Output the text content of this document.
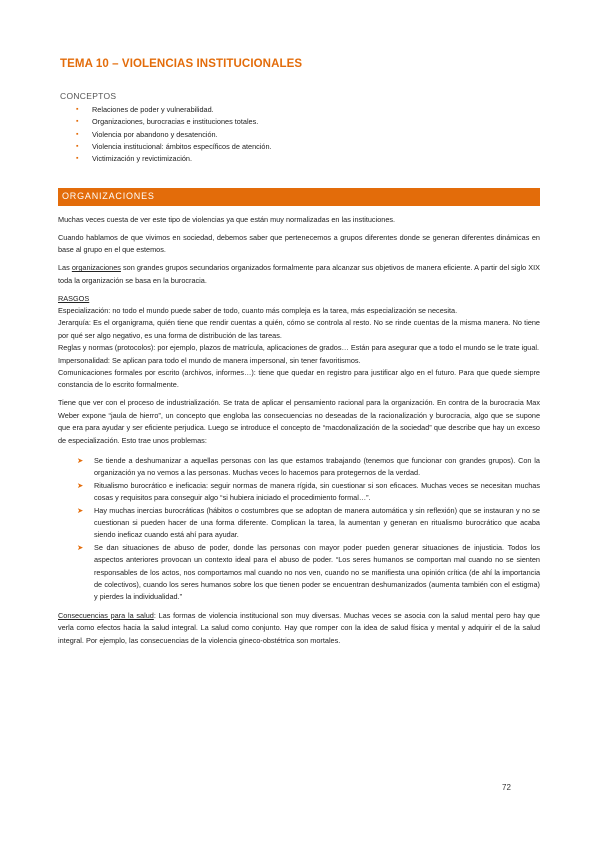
TEMA 10 – VIOLENCIAS INSTITUCIONALES
CONCEPTOS
▪ Relaciones de poder y vulnerabilidad.
▪ Organizaciones, burocracias e instituciones totales.
▪ Violencia por abandono y desatención.
▪ Violencia institucional: ámbitos específicos de atención.
▪ Victimización y revictimización.
ORGANIZACIONES

Muchas veces cuesta de ver este tipo de violencias ya que están muy normalizadas en las instituciones.

Cuando hablamos de que vivimos en sociedad, debemos saber que pertenecemos a grupos diferentes donde se generan diferentes dinámicas en base al grupo en el que estemos.

Las organizaciones son grandes grupos secundarios organizados formalmente para alcanzar sus objetivos de manera eficiente. A partir del siglo XIX toda la organización se basa en la burocracia.

RASGOS

Especialización: no todo el mundo puede saber de todo, cuanto más compleja es la tarea, más especialización se necesita.

Jerarquía: Es el organigrama, quién tiene que rendir cuentas a quién, cómo se controla al resto. No se rinde cuentas de la misma manera. No tiene por qué ser algo negativo, es una forma de distribución de las tareas.

Reglas y normas (protocolos): por ejemplo, plazos de matrícula, aplicaciones de grados… Están para asegurar que a todo el mundo se le trate igual.

Impersonalidad: Se aplican para todo el mundo de manera impersonal, sin tener favoritismos.

Comunicaciones formales por escrito (archivos, informes…): tiene que quedar en registro para justificar algo en el futuro. Para que quede siempre constancia de lo escrito formalmente.

Tiene que ver con el proceso de industrialización. Se trata de aplicar el pensamiento racional para la organización. En contra de la burocracia Max Weber expone “jaula de hierro”, un concepto que engloba las consecuencias no deseadas de la racionalización y burocracia, algo que se supone que era para ayudar y ser eficiente perjudica. Luego se introduce el concepto de “macdonalización de la sociedad” que describe que hay un exceso de especialización. Esto trae unos problemas:

➤ Se tiende a deshumanizar a aquellas personas con las que estamos trabajando (tenemos que funcionar con grandes grupos). Con la organización ya no vemos a las personas. Muchas veces lo hacemos para protegernos de la verdad.
➤ Ritualismo burocrático e ineficacia: seguir normas de manera rígida, sin cuestionar si son eficaces. Muchas veces se necesitan muchas cosas y requisitos para conseguir algo “si hubiera iniciado el procedimiento formal…”.
➤ Hay muchas inercias burocráticas (hábitos o costumbres que se adoptan de manera automática y sin reflexión) que se instauran y no se cuestionan si pueden hacer de una forma diferente. Complican la tarea, la aumentan y generan en ritualismo burocrático que acaba siendo ineficaz cuando está ahí para ayudar.
➤ Se dan situaciones de abuso de poder, donde las personas con mayor poder pueden generar situaciones de injusticia. Todos los aspectos anteriores provocan un contexto ideal para el abuso de poder. “Los seres humanos se comportan mal cuando no se sienten responsables de los actos, nos comportamos mal cuando no nos ven, cuando no se manifiesta una opinión crítica (de ahí la importancia de colectivos), cuando los seres humanos sobre los que tienen poder se encuentran deshumanizados (aumenta también con el estigma) y pierdes la individualidad.”

Consecuencias para la salud: Las formas de violencia institucional son muy diversas. Muchas veces se asocia con la salud mental pero hay que verla como efectos hacia la salud integral. La salud como conjunto. Hay que romper con la idea de salud física y mental y adquirir el de la salud integral. Por ejemplo, las consecuencias de la violencia gineco-obstétrica son mortales.

72
